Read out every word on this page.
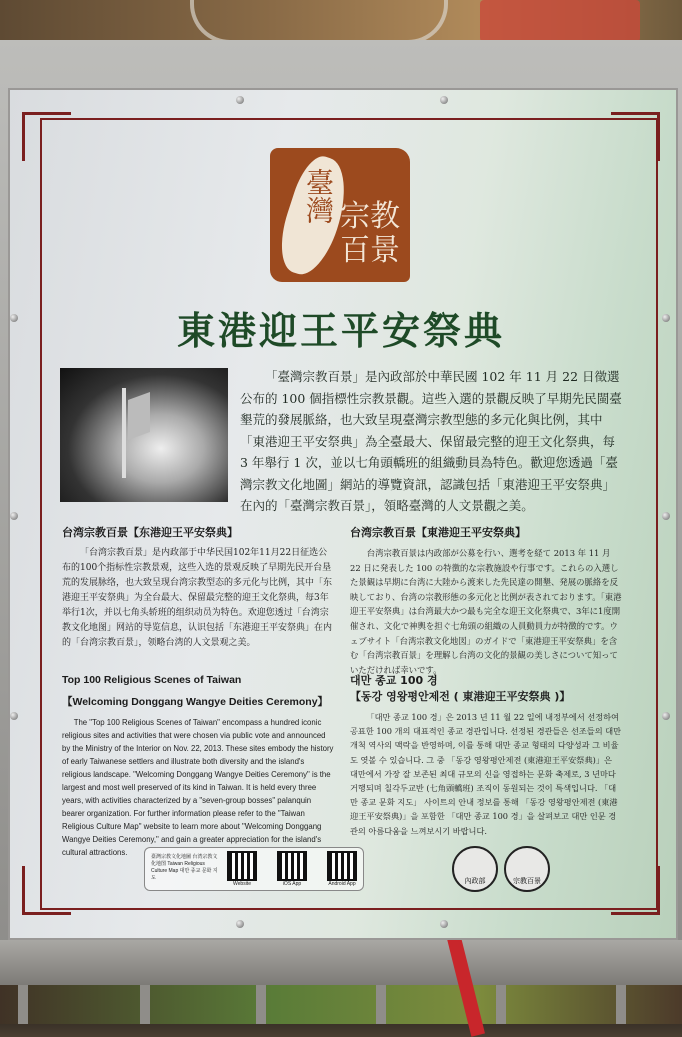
臺灣 宗教百景
東港迎王平安祭典
「臺灣宗教百景」是內政部於中華民國 102 年 11 月 22 日徵選公布的 100 個指標性宗教景觀。這些入選的景觀反映了早期先民閩臺墾荒的發展脈絡，也大致呈現臺灣宗教型態的多元化與比例，其中「東港迎王平安祭典」為全臺最大、保留最完整的迎王文化祭典，每 3 年舉行 1 次，並以七角頭轎班的組織動員為特色。歡迎您透過「臺灣宗教文化地圖」網站的導覽資訊，認識包括「東港迎王平安祭典」在內的「臺灣宗教百景」，領略臺灣的人文景觀之美。
台湾宗教百景【东港迎王平安祭典】

「台湾宗教百景」是内政部于中华民国102年11月22日征选公布的100个指标性宗教景观，这些入选的景观反映了早期先民开台垦荒的发展脉络，也大致呈现台湾宗教型态的多元化与比例，其中「东港迎王平安祭典」为全台最大、保留最完整的迎王文化祭典，每3年举行1次，并以七角头轿班的组织动员为特色。欢迎您透过「台湾宗教文化地图」网站的导览信息，认识包括「东港迎王平安祭典」在内的「台湾宗教百景」，领略台湾的人文景观之美。

台湾宗教百景【東港迎王平安祭典】

台湾宗教百景は内政部が公募を行い、選考を経て 2013 年 11 月 22 日に発表した 100 の特徴的な宗教施設や行事です。これらの入選した景観は早期に台湾に大陸から渡来した先民達の開墾、発展の脈絡を反映しており、台湾の宗教形態の多元化と比例が表されております。「東港迎王平安祭典」は台湾最大かつ最も完全な迎王文化祭典で、3年に1度開催され、文化で神輿を担ぐ七角頭の組織の人員動員力が特徴的です。ウェブサイト「台湾宗教文化地図」のガイドで「東港迎王平安祭典」を含む「台湾宗教百景」を理解し台湾の文化的景観の美しさについて知っていただければ幸いです。

Top 100 Religious Scenes of Taiwan
【Welcoming Donggang Wangye Deities Ceremony】

The "Top 100 Religious Scenes of Taiwan" encompass a hundred iconic religious sites and activities that were chosen via public vote and announced by the Ministry of the Interior on Nov. 22, 2013. These sites embody the history of early Taiwanese settlers and illustrate both diversity and the island's religious landscape. "Welcoming Donggang Wangye Deities Ceremony" is the largest and most well preserved of its kind in Taiwan. It is held every three years, with activities characterized by a "seven-group bosses" palanquin bearer organization. For further information please refer to the "Taiwan Religious Culture Map" website to learn more about "Welcoming Donggang Wangye Deities Ceremony," and gain a greater appreciation for the island's cultural attractions.

대만 종교 100 경
【동강 영왕평안제전 ( 東港迎王平安祭典 )】

「대만 종교 100 경」은 2013 년 11 월 22 일에 내정부에서 선정하여 공표한 100 개의 대표적인 종교 경관입니다. 선정된 경관들은 선조들의 대만 개척 역사의 맥락을 반영하며, 이를 통해 대만 종교 형태의 다양성과 그 비율도 엿볼 수 있습니다. 그 중 「동강 영왕평안제전 (東港迎王平安祭典)」은 대만에서 가장 잘 보존된 최대 규모의 신을 영접하는 문화 축제로, 3 년마다 거행되며 칠각두교반 (七角頭轎班) 조직이 동원되는 것이 특색입니다. 「대만 종교 문화 지도」 사이트의 안내 정보를 통해 「동강 영왕평안제전 (東港迎王平安祭典)」을 포함한 「대만 종교 100 경」을 살펴보고 대만 인문 경관의 아름다움을 느껴보시기 바랍니다.

臺灣宗教文化地圖 台湾宗教文化地图 Taiwan Religious Culture Map 대만 종교 문화 지도
Website	iOS App	Android App	內政部	宗教百景
